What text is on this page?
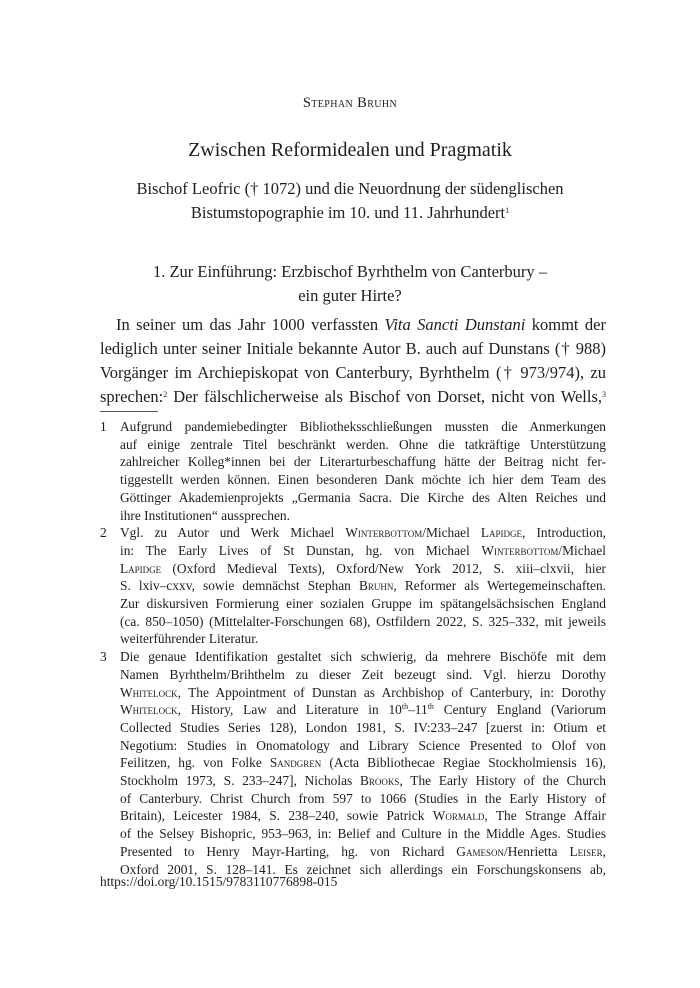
Stephan Bruhn
Zwischen Reformidealen und Pragmatik
Bischof Leofric († 1072) und die Neuordnung der südenglischen
Bistumstopographie im 10. und 11. Jahrhundert$^1$
1. Zur Einführung: Erzbischof Byrhthelm von Canterbury –
ein guter Hirte?
In seiner um das Jahr 1000 verfassten Vita Sancti Dunstani kommt der
lediglich unter seiner Initiale bekannte Autor B. auch auf Dunstans († 988)
Vorgänger im Archiepiskopat von Canterbury, Byrhthelm († 973/974), zu
sprechen:$^2$ Der fälschlicherweise als Bischof von Dorset, nicht von Wells,$^3$
1 Aufgrund pandemiebedingter Bibliotheksschließungen mussten die Anmerkungen
auf einige zentrale Titel beschränkt werden. Ohne die tatkräftige Unterstützung
zahlreicher Kolleg*innen bei der Literarturbeschaffung hätte der Beitrag nicht fer-
tiggestellt werden können. Einen besonderen Dank möchte ich hier dem Team des
Göttinger Akademienprojekts „Germania Sacra. Die Kirche des Alten Reiches und
ihre Institutionen“ aussprechen.
2 Vgl. zu Autor und Werk Michael Winterbottom/Michael Lapidge, Introduction,
in: The Early Lives of St Dunstan, hg. von Michael Winterbottom/Michael
Lapidge (Oxford Medieval Texts), Oxford/New York 2012, S. xiii–clxvii, hier
S. lxiv–cxxv, sowie demnächst Stephan Bruhn, Reformer als Wertegemeinschaften.
Zur diskursiven Formierung einer sozialen Gruppe im spätangelsächsischen England
(ca. 850–1050) (Mittelalter-Forschungen 68), Ostfildern 2022, S. 325–332, mit jeweils
weiterführender Literatur.
3 Die genaue Identifikation gestaltet sich schwierig, da mehrere Bischöfe mit dem
Namen Byrhthelm/Brihthelm zu dieser Zeit bezeugt sind. Vgl. hierzu Dorothy
Whitelock, The Appointment of Dunstan as Archbishop of Canterbury, in: Dorothy
Whitelock, History, Law and Literature in 10th–11th Century England (Variorum
Collected Studies Series 128), London 1981, S. IV:233–247 [zuerst in: Otium et
Negotium: Studies in Onomatology and Library Science Presented to Olof von
Feilitzen, hg. von Folke Sandgren (Acta Bibliothecae Regiae Stockholmiensis 16),
Stockholm 1973, S. 233–247], Nicholas Brooks, The Early History of the Church
of Canterbury. Christ Church from 597 to 1066 (Studies in the Early History of
Britain), Leicester 1984, S. 238–240, sowie Patrick Wormald, The Strange Affair
of the Selsey Bishopric, 953–963, in: Belief and Culture in the Middle Ages. Studies
Presented to Henry Mayr-Harting, hg. von Richard Gameson/Henrietta Leiser,
Oxford 2001, S. 128–141. Es zeichnet sich allerdings ein Forschungskonsens ab,
https://doi.org/10.1515/9783110776898-015
